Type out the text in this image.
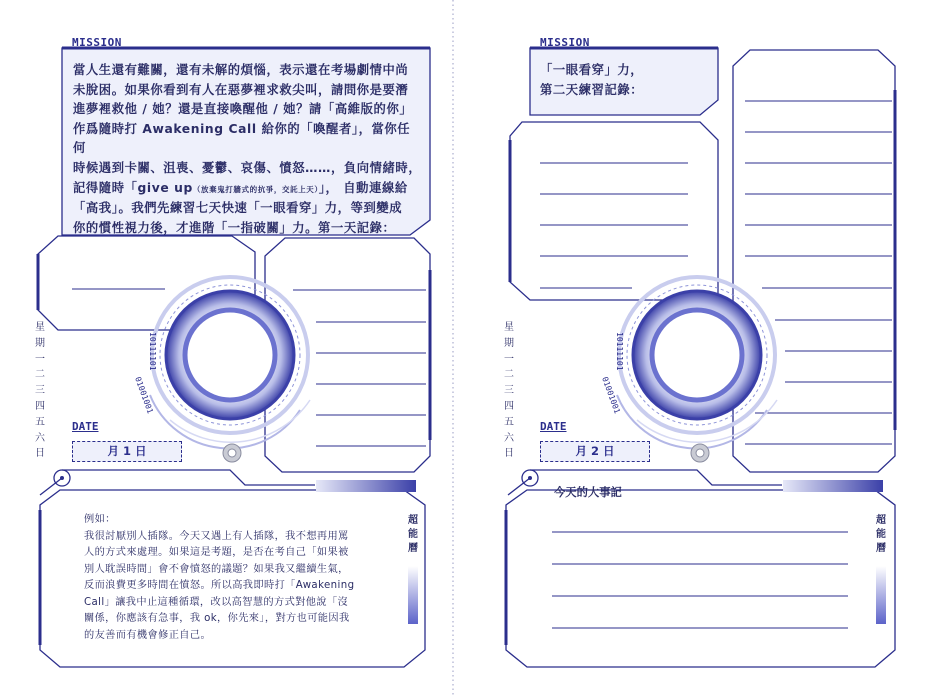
10111101
01001001
10111101
01001001
MISSION
當人生還有難關，還有未解的煩惱，表示還在考場劇情中尚
未脫困。如果你看到有人在惡夢裡求救尖叫，請問你是要潛
進夢裡救他 / 她？還是直接喚醒他 / 她？請「高維版的你」
作爲隨時打 Awakening Call 給你的「喚醒者」，當你任何
時候遇到卡關、沮喪、憂鬱、哀傷、憤怒……，負向情緒時，
記得隨時「give up（放棄鬼打牆式的抗爭，交託上天）」， 自動連線給
「高我」。我們先練習七天快速「一眼看穿」力，等到變成
你的慣性視力後，才進階「一指破關」力。第一天記錄：
星
期
一
二
三
四
五
六
日
DATE
月 1 日
例如：
我很討厭別人插隊。今天又遇上有人插隊，我不想再用罵
人的方式來處理。如果這是考題，是否在考自己「如果被
別人耽誤時間」會不會憤怒的議題？如果我又繼續生氣，
反而浪費更多時間在憤怒。所以高我即時打「Awakening
Call」讓我中止這種循環，改以高智慧的方式對他說「沒
關係，你應該有急事，我 ok，你先來」，對方也可能因我
的友善而有機會修正自己。
超
能
曆
MISSION
「一眼看穿」力，
第二天練習記錄：
星
期
一
二
三
四
五
六
日
DATE
月 2 日
今天的大事記
超
能
曆
